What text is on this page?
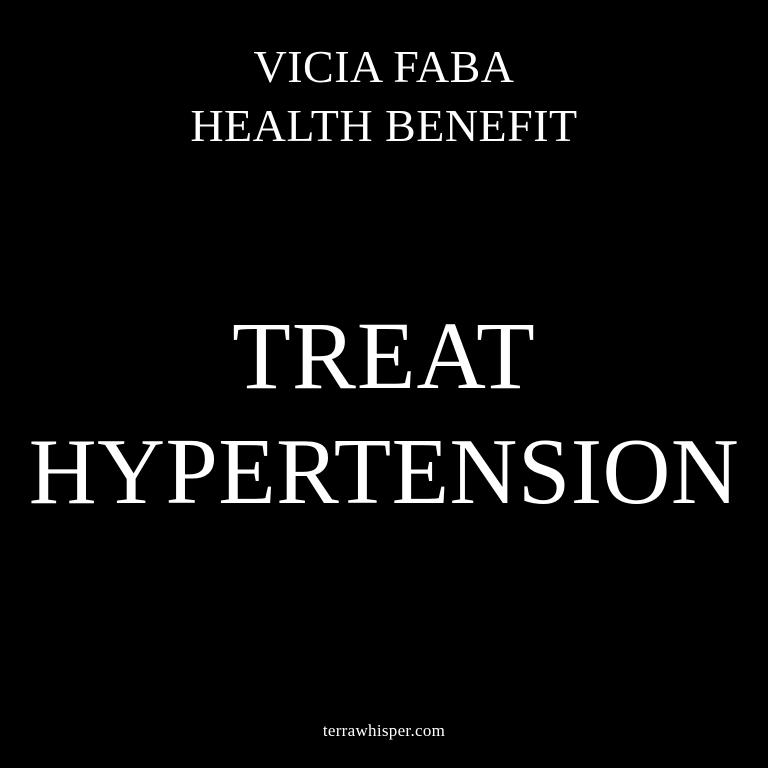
VICIA FABA
HEALTH BENEFIT
TREAT
HYPERTENSION
terrawhisper.com
